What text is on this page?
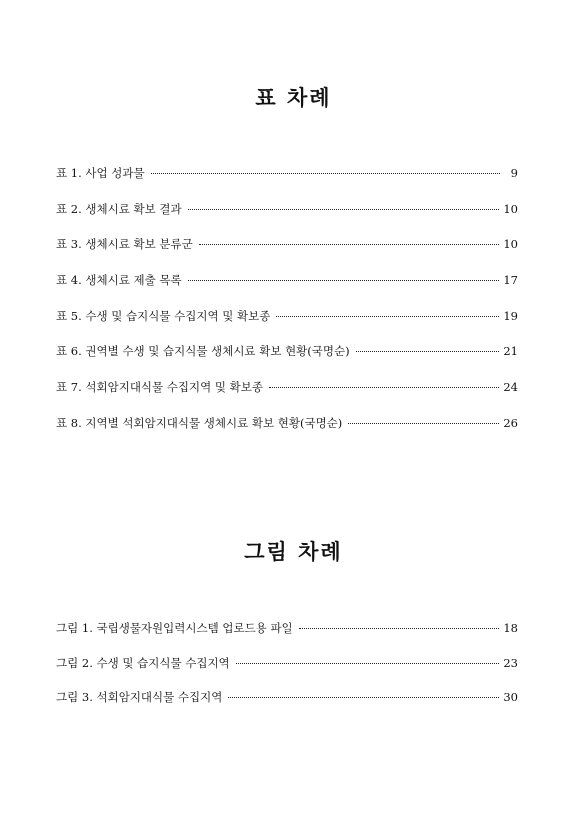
표 차례
표 1. 사업 성과물	9
표 2. 생체시료 확보 결과	10
표 3. 생체시료 확보 분류군	10
표 4. 생체시료 제출 목록	17
표 5. 수생 및 습지식물 수집지역 및 확보종	19
표 6. 권역별 수생 및 습지식물 생체시료 확보 현황(국명순)	21
표 7. 석회암지대식물 수집지역 및 확보종	24
표 8. 지역별 석회암지대식물 생체시료 확보 현황(국명순)	26
그림 차례
그림 1. 국립생물자원입력시스템 업로드용 파일	18
그림 2. 수생 및 습지식물 수집지역	23
그림 3. 석회암지대식물 수집지역	30
